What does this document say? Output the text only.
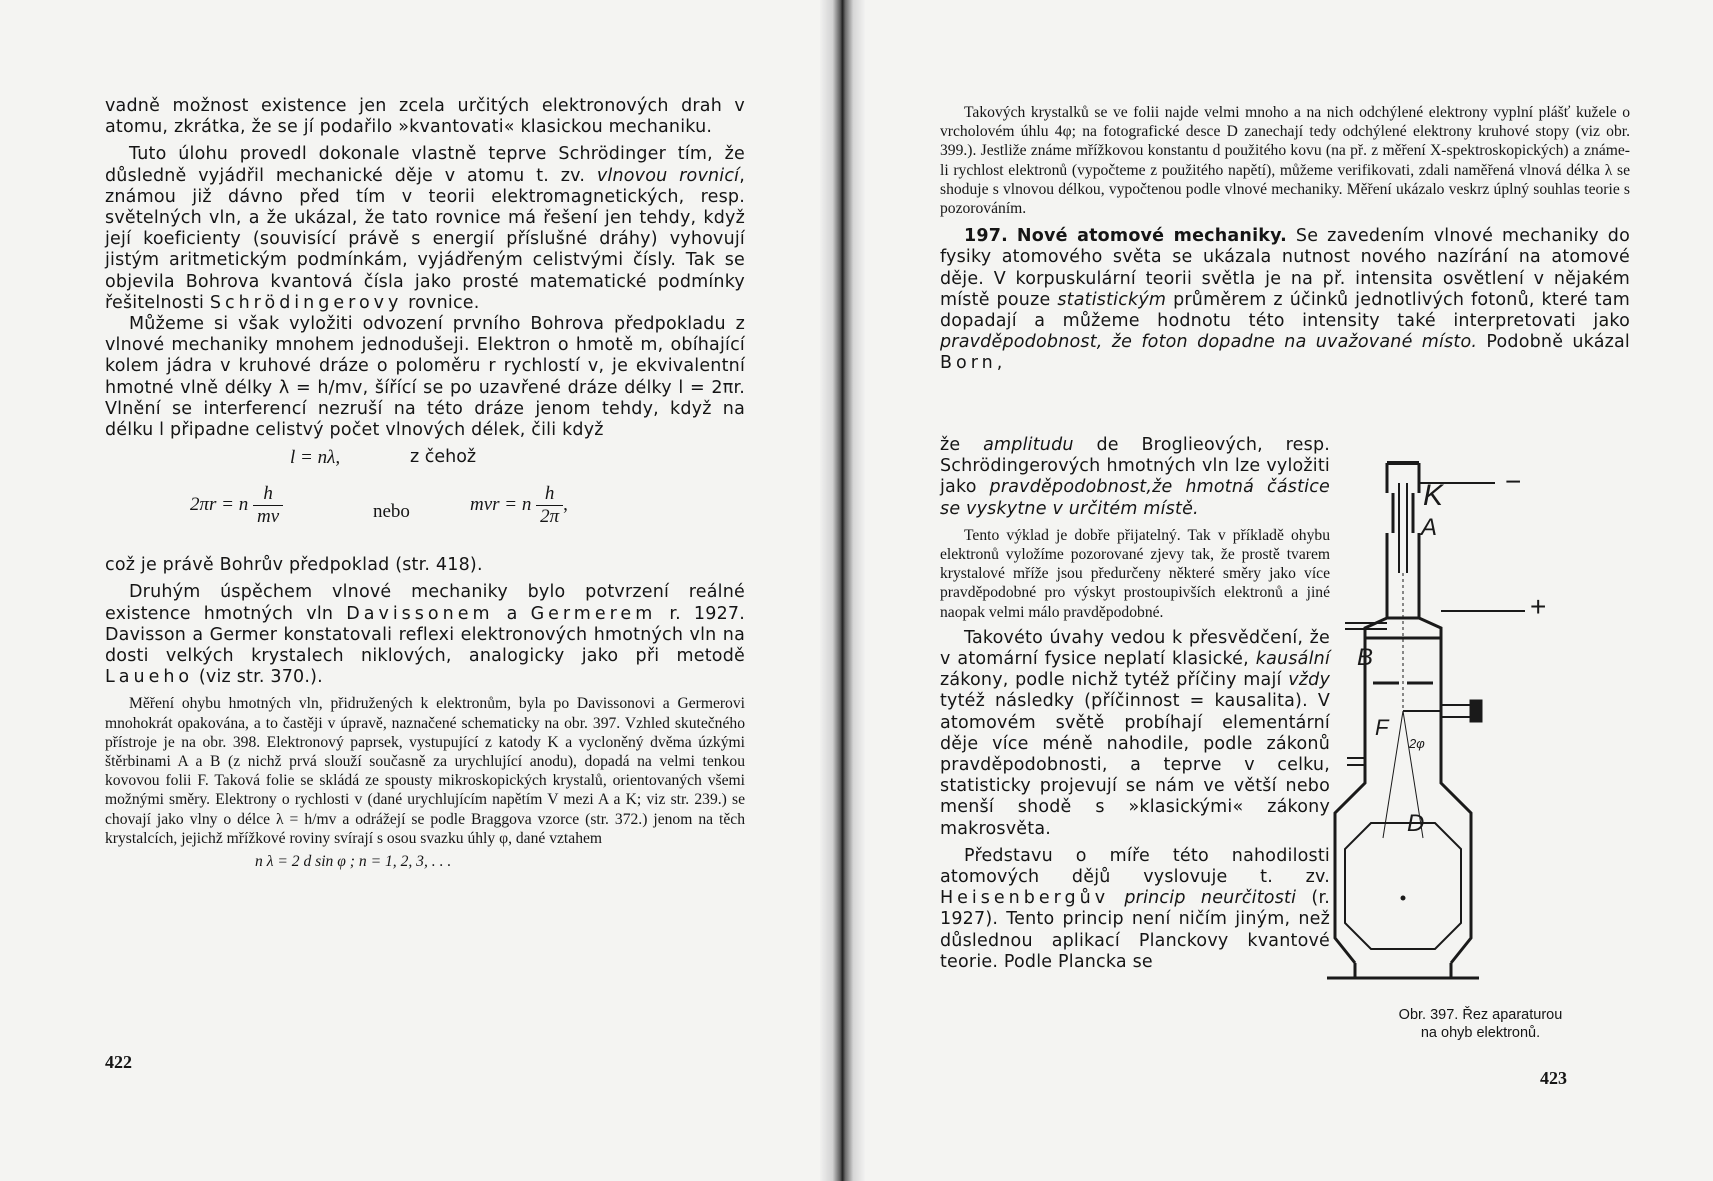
vadně možnost existence jen zcela určitých elektronových drah v atomu, zkrátka, že se jí podařilo »kvantovati« klasickou mechaniku.

Tuto úlohu provedl dokonale vlastně teprve Schrödinger tím, že důsledně vyjádřil mechanické děje v atomu t. zv. vlnovou rovnicí, známou již dávno před tím v teorii elektromagnetických, resp. světelných vln, a že ukázal, že tato rovnice má řešení jen tehdy, když její koeficienty (souvisící právě s energií příslušné dráhy) vyhovují jistým aritmetickým podmínkám, vyjádřeným celistvými čísly. Tak se objevila Bohrova kvantová čísla jako prosté matematické podmínky řešitelnosti Schrödingerovy rovnice.

Můžeme si však vyložiti odvození prvního Bohrova předpokladu z vlnové mechaniky mnohem jednodušeji. Elektron o hmotě m, obíhající kolem jádra v kruhové dráze o poloměru r rychlostí v, je ekvivalentní hmotné vlně délky λ = h/mv, šířící se po uzavřené dráze délky l = 2πr. Vlnění se interferencí nezruší na této dráze jenom tehdy, když na délku l připadne celistvý počet vlnových délek, čili když

l = nλ,	z čehož
2πr = n $\frac{h}{mv}$	nebo	mvr = n $\frac{h}{2\pi}$ ,

což je právě Bohrův předpoklad (str. 418).

Druhým úspěchem vlnové mechaniky bylo potvrzení reálné existence hmotných vln Davissonem a Germerem r. 1927. Davisson a Germer konstatovali reflexi elektronových hmotných vln na dosti velkých krystalech niklových, analogicky jako při metodě Laueho (viz str. 370.).

Měření ohybu hmotných vln, přidružených k elektronům, byla po Davissonovi a Germerovi mnohokrát opakována, a to častěji v úpravě, naznačené schematicky na obr. 397. Vzhled skutečného přístroje je na obr. 398. Elektronový paprsek, vystupující z katody K a vycloněný dvěma úzkými štěrbinami A a B (z nichž prvá slouží současně za urychlující anodu), dopadá na velmi tenkou kovovou folii F. Taková folie se skládá ze spousty mikroskopických krystalů, orientovaných všemi možnými směry. Elektrony o rychlosti v (dané urychlujícím napětím V mezi A a K; viz str. 239.) se chovají jako vlny o délce λ = h/mv a odrážejí se podle Braggova vzorce (str. 372.) jenom na těch krystalcích, jejichž mřížkové roviny svírají s osou svazku úhly φ, dané vztahem

n λ = 2 d sin φ ; n = 1, 2, 3, . . .

422

Takových krystalků se ve folii najde velmi mnoho a na nich odchýlené elektrony vyplní plášť kužele o vrcholovém úhlu 4φ; na fotografické desce D zanechají tedy odchýlené elektrony kruhové stopy (viz obr. 399.). Jestliže známe mřížkovou konstantu d použitého kovu (na př. z měření X-spektroskopických) a známe-li rychlost elektronů (vypočteme z použitého napětí), můžeme verifikovati, zdali naměřená vlnová délka λ se shoduje s vlnovou délkou, vypočtenou podle vlnové mechaniky. Měření ukázalo veskrz úplný souhlas teorie s pozorováním.

197. Nové atomové mechaniky. Se zavedením vlnové mechaniky do fysiky atomového světa se ukázala nutnost nového nazírání na atomové děje. V korpuskulární teorii světla je na př. intensita osvětlení v nějakém místě pouze statistickým průměrem z účinků jednotlivých fotonů, které tam dopadají a můžeme hodnotu této intensity také interpretovati jako pravděpodobnost, že foton dopadne na uvažované místo. Podobně ukázal Born,

že amplitudu de Broglieových, resp. Schrödingerových hmotných vln lze vyložiti jako pravděpodobnost,že hmotná částice se vyskytne v určitém místě.

Tento výklad je dobře přijatelný. Tak v příkladě ohybu elektronů vyložíme pozorované zjevy tak, že prostě tvarem krystalové mříže jsou předurčeny některé směry jako více pravděpodobné pro výskyt prostoupivších elektronů a jiné naopak velmi málo pravděpodobné.

Takovéto úvahy vedou k přesvědčení, že v atomární fysice neplatí klasické, kausální zákony, podle nichž tytéž příčiny mají vždy tytéž následky (příčinnost = kausalita). V atomovém světě probíhají elementární děje více méně nahodile, podle zákonů pravděpodobnosti, a teprve v celku, statisticky projevují se nám ve větší nebo menší shodě s »klasickými« zákony makrosvěta.

Představu o míře této nahodilosti atomových dějů vyslovuje t. zv. Heisenbergův princip neurčitosti (r. 1927). Tento princip není ničím jiným, než důslednou aplikací Planckovy kvantové teorie. Podle Plancka se

423
K
A
−
+
B
F
2φ
D
Obr. 397. Řez aparaturou
na ohyb elektronů.
